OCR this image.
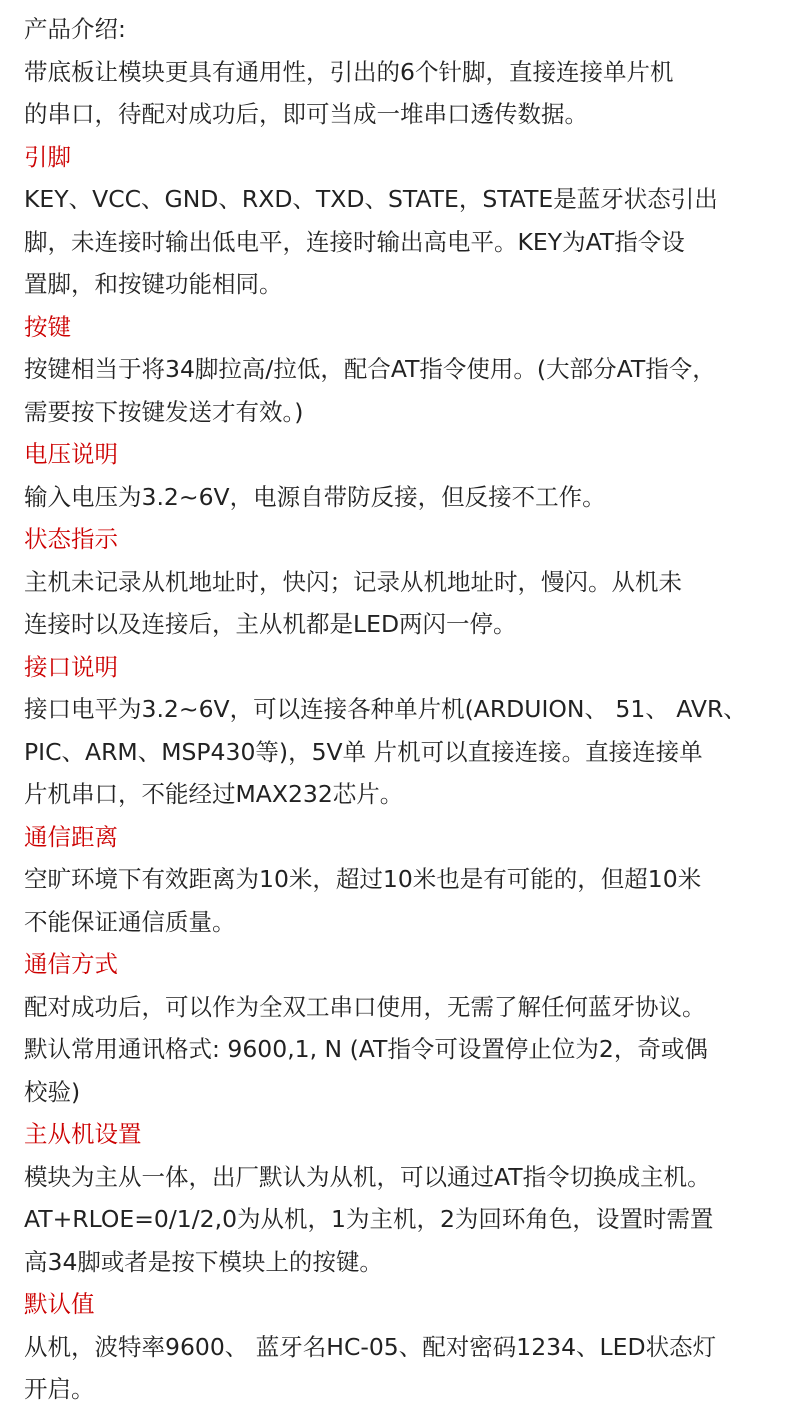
产品介绍:
带底板让模块更具有通用性，引出的6个针脚，直接连接单片机
的串口，待配对成功后，即可当成一堆串口透传数据。
引脚
KEY、VCC、GND、RXD、TXD、STATE，STATE是蓝牙状态引出
脚，未连接时输出低电平，连接时输出高电平。KEY为AT指令设
置脚，和按键功能相同。
按键
按键相当于将34脚拉高/拉低，配合AT指令使用。(大部分AT指令，
需要按下按键发送才有效。)
电压说明
输入电压为3.2~6V，电源自带防反接，但反接不工作。
状态指示
主机未记录从机地址时，快闪；记录从机地址时，慢闪。从机未
连接时以及连接后，主从机都是LED两闪一停。
接口说明
接口电平为3.2~6V，可以连接各种单片机(ARDUION、 51、 AVR、
PIC、ARM、MSP430等)，5V单 片机可以直接连接。直接连接单
片机串口，不能经过MAX232芯片。
通信距离
空旷环境下有效距离为10米，超过10米也是有可能的，但超10米
不能保证通信质量。
通信方式
配对成功后，可以作为全双工串口使用，无需了解任何蓝牙协议。
默认常用通讯格式: 9600,1, N (AT指令可设置停止位为2，奇或偶
校验)
主从机设置
模块为主从一体，出厂默认为从机，可以通过AT指令切换成主机。
AT+RLOE=0/1/2,0为从机，1为主机，2为回环角色，设置时需置
高34脚或者是按下模块上的按键。
默认值
从机，波特率9600、 蓝牙名HC-05、配对密码1234、LED状态灯
开启。
